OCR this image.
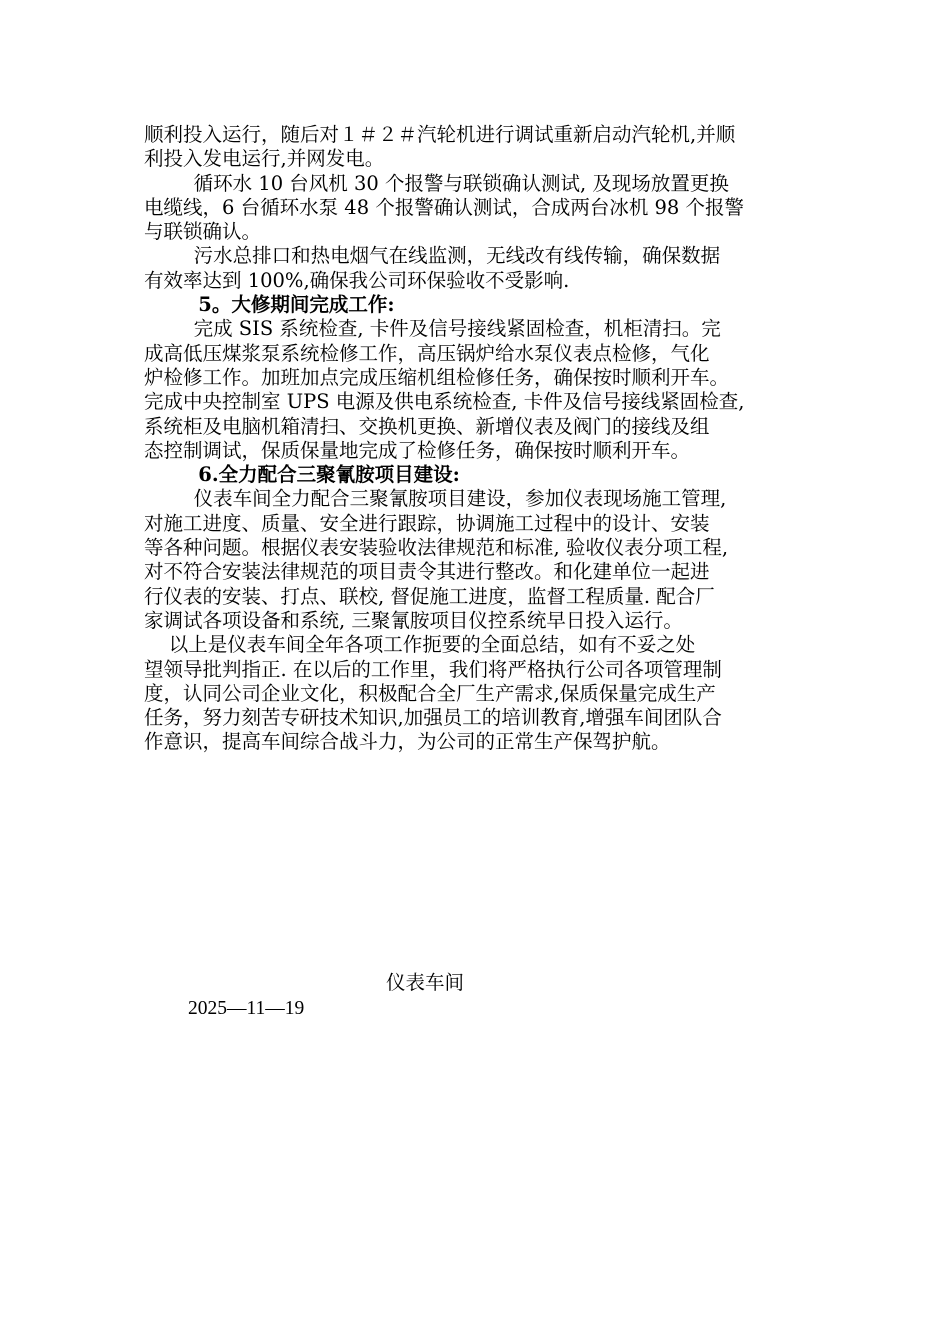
顺利投入运行，随后对１＃２＃汽轮机进行调试重新启动汽轮机,并顺
利投入发电运行,并网发电。
循环水 10 台风机 30 个报警与联锁确认测试, 及现场放置更换
电缆线，6 台循环水泵 48 个报警确认测试，合成两台冰机 98 个报警
与联锁确认。
污水总排口和热电烟气在线监测，无线改有线传输，确保数据
有效率达到 100%,确保我公司环保验收不受影响.
5。大修期间完成工作:
完成 SIS 系统检查, 卡件及信号接线紧固检查，机柜清扫。完
成高低压煤浆泵系统检修工作，高压锅炉给水泵仪表点检修，气化
炉检修工作。加班加点完成压缩机组检修任务，确保按时顺利开车。
完成中央控制室 UPS 电源及供电系统检查, 卡件及信号接线紧固检查,
系统柜及电脑机箱清扫、交换机更换、新增仪表及阀门的接线及组
态控制调试，保质保量地完成了检修任务，确保按时顺利开车。
6.全力配合三聚氰胺项目建设:
仪表车间全力配合三聚氰胺项目建设，参加仪表现场施工管理,
对施工进度、质量、安全进行跟踪，协调施工过程中的设计、安装
等各种问题。根据仪表安装验收法律规范和标准, 验收仪表分项工程,
对不符合安装法律规范的项目责令其进行整改。和化建单位一起进
行仪表的安装、打点、联校, 督促施工进度，监督工程质量. 配合厂
家调试各项设备和系统, 三聚氰胺项目仪控系统早日投入运行。
以上是仪表车间全年各项工作扼要的全面总结，如有不妥之处
望领导批判指正. 在以后的工作里，我们将严格执行公司各项管理制
度，认同公司企业文化，积极配合全厂生产需求,保质保量完成生产
任务，努力刻苦专研技术知识,加强员工的培训教育,增强车间团队合
作意识，提高车间综合战斗力，为公司的正常生产保驾护航。
仪表车间
2025—11—19
